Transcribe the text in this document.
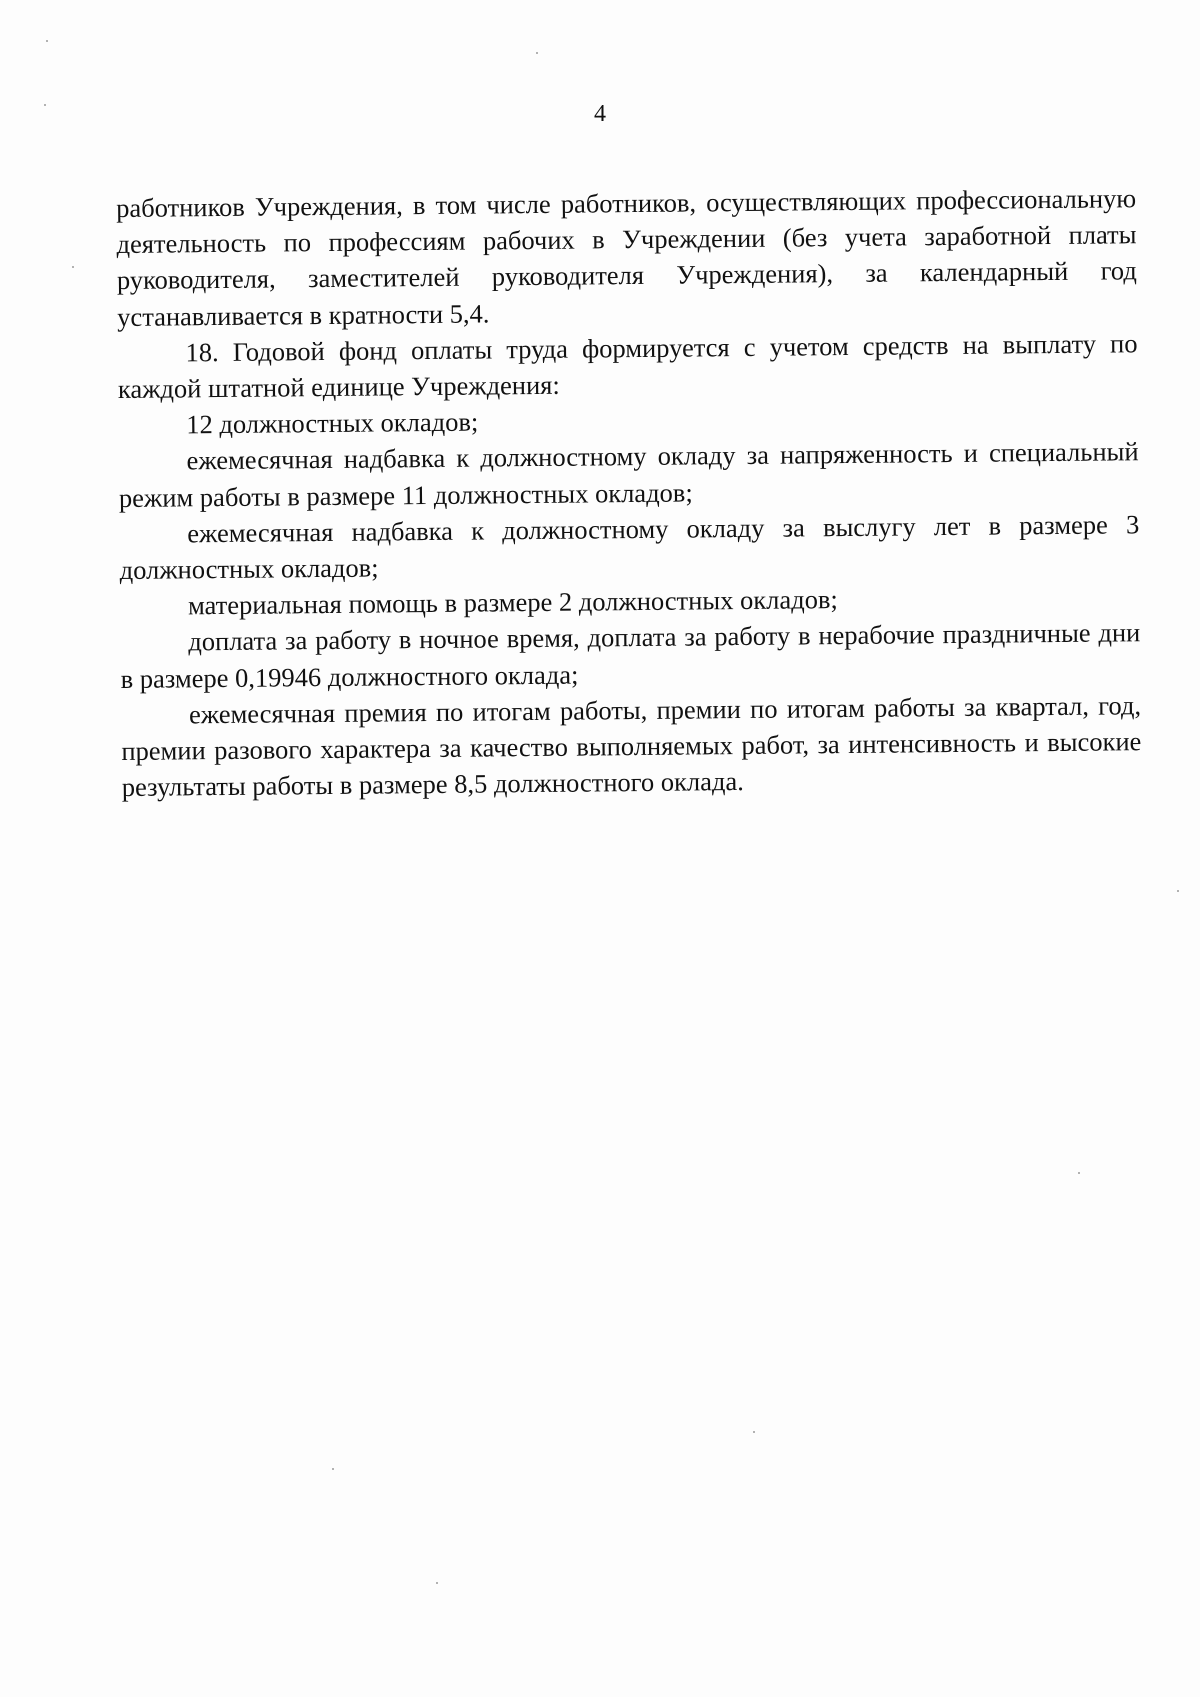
4

работников Учреждения, в том числе работников, осуществляющих профессиональную деятельность по профессиям рабочих в Учреждении (без учета заработной платы руководителя, заместителей руководителя Учреждения), за календарный год устанавливается в кратности 5,4.

18. Годовой фонд оплаты труда формируется с учетом средств на выплату по каждой штатной единице Учреждения:

12 должностных окладов;

ежемесячная надбавка к должностному окладу за напряженность и специальный режим работы в размере 11 должностных окладов;

ежемесячная надбавка к должностному окладу за выслугу лет в размере 3 должностных окладов;

материальная помощь в размере 2 должностных окладов;

доплата за работу в ночное время, доплата за работу в нерабочие праздничные дни в размере 0,19946 должностного оклада;

ежемесячная премия по итогам работы, премии по итогам работы за квартал, год, премии разового характера за качество выполняемых работ, за интенсивность и высокие результаты работы в размере 8,5 должностного оклада.
